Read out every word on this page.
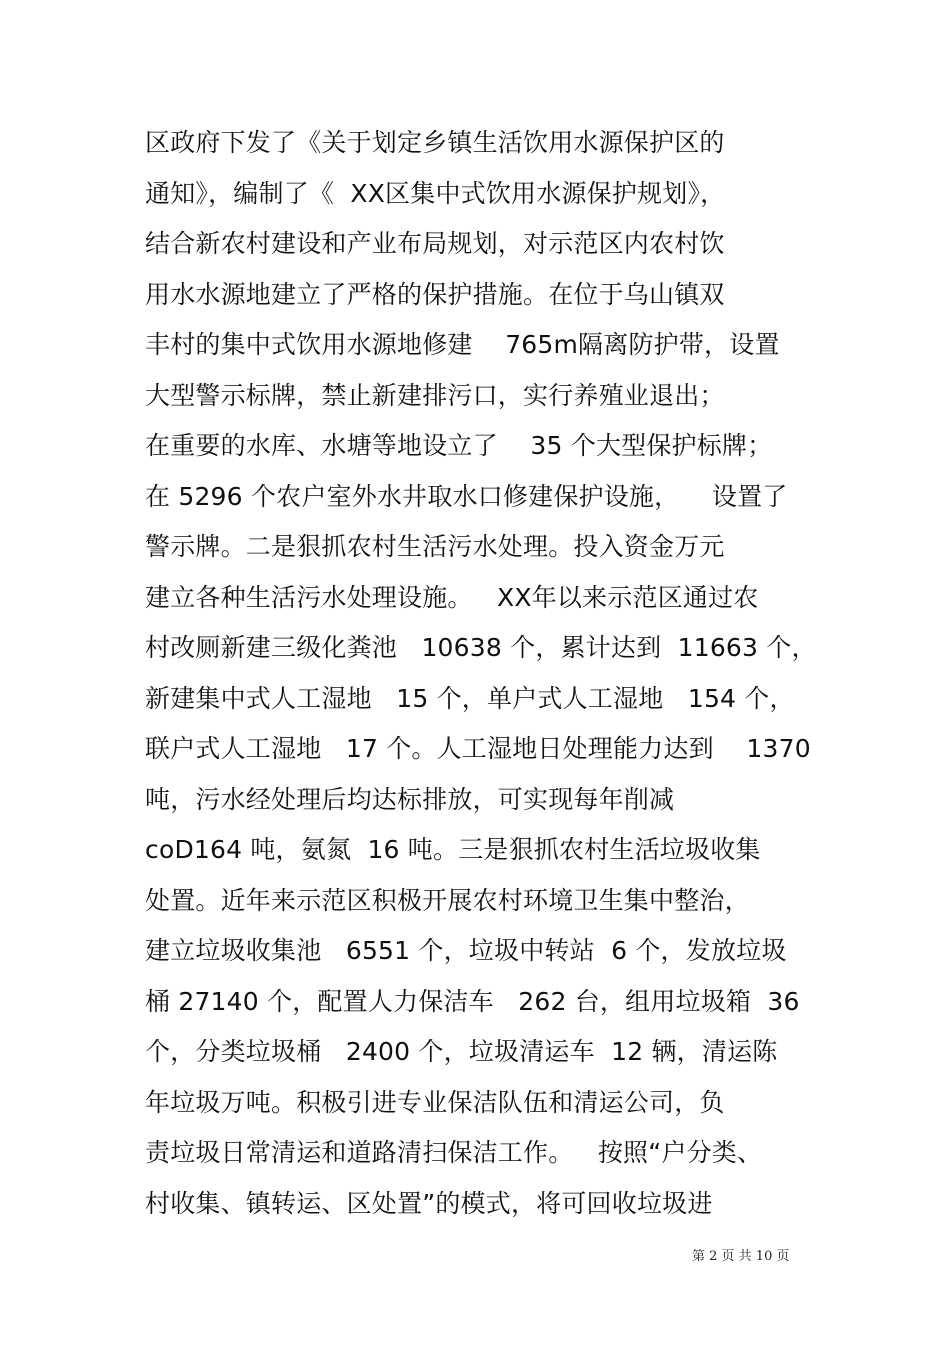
区政府下发了《关于划定乡镇生活饮用水源保护区的
通知》，编制了《  XX区集中式饮用水源保护规划》，
结合新农村建设和产业布局规划，对示范区内农村饮
用水水源地建立了严格的保护措施。在位于乌山镇双
丰村的集中式饮用水源地修建    765m隔离防护带，设置
大型警示标牌，禁止新建排污口，实行养殖业退出；
在重要的水库、水塘等地设立了    35 个大型保护标牌；
在 5296 个农户室外水井取水口修建保护设施，    设置了
警示牌。二是狠抓农村生活污水处理。投入资金万元
建立各种生活污水处理设施。   XX年以来示范区通过农
村改厕新建三级化粪池   10638 个，累计达到  11663 个，
新建集中式人工湿地   15 个，单户式人工湿地   154 个，
联户式人工湿地   17 个。人工湿地日处理能力达到    1370
吨，污水经处理后均达标排放，可实现每年削减
coD164 吨，氨氮  16 吨。三是狠抓农村生活垃圾收集
处置。近年来示范区积极开展农村环境卫生集中整治，
建立垃圾收集池   6551 个，垃圾中转站  6 个，发放垃圾
桶 27140 个，配置人力保洁车   262 台，组用垃圾箱  36
个，分类垃圾桶   2400 个，垃圾清运车  12 辆，清运陈
年垃圾万吨。积极引进专业保洁队伍和清运公司，负
责垃圾日常清运和道路清扫保洁工作。   按照“户分类、
村收集、镇转运、区处置”的模式，将可回收垃圾进
第 2 页 共 10 页
